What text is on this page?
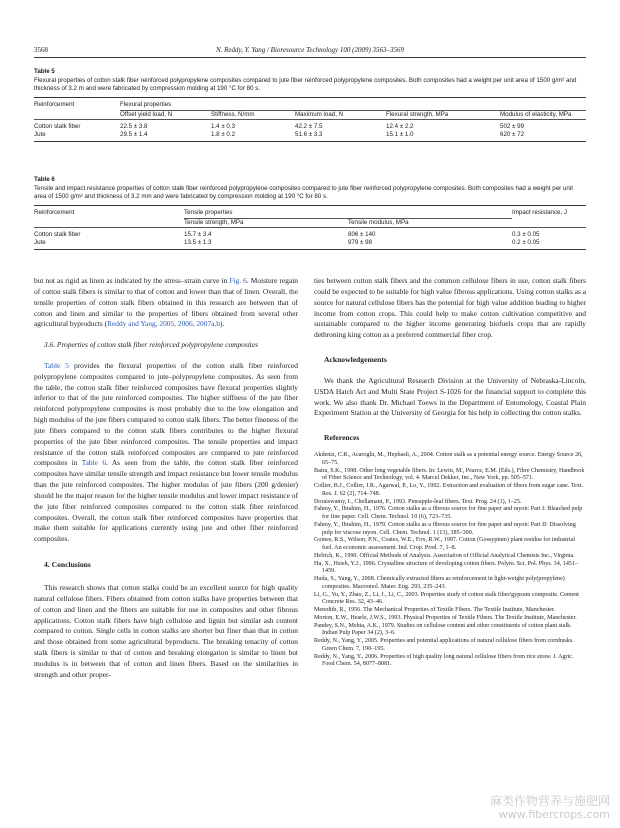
3568	N. Reddy, Y. Yang / Bioresource Technology 100 (2009) 3563–3569
Table 5
Flexural properties of cotton stalk fiber reinforced polypropylene composites compared to jute fiber reinforced polypropylene composites. Both composites had a weight per unit area of 1500 g/m² and thickness of 3.2 m and were fabricated by compression molding at 190 °C for 80 s.
Reinforcement	Flexural properties				

	Offset yield load, N	Stiffness, N/mm	Maximum load, N	Flexural strength, MPa	Modulus of elasticity, MPa

Cotton stalk fiber	22.5 ± 3.8	1.4 ± 0.3	42.2 ± 7.5	12.4 ± 2.2	502 ± 99
Jute	29.5 ± 1.4	1.8 ± 0.2	51.6 ± 3.3	15.1 ± 1.0	620 ± 72
Table 6
Tensile and impact resistance properties of cotton stalk fiber reinforced polypropylene composites compared to jute fiber reinforced polypropylene composites. Both composites had a weight per unit area of 1500 g/m² and thickness of 3.2 mm and were fabricated by compression molding at 190 °C for 80 s.
Reinforcement	Tensile properties		Impact resistance, J

	Tensile strength, MPa	Tensile modulus, MPa	

Cotton stalk fiber	15.7 ± 3.4	806 ± 140	0.3 ± 0.05
Jute	13.5 ± 1.3	979 ± 98	0.2 ± 0.05

but not as rigid as linen as indicated by the stress–strain curve in Fig. 6. Moisture regain of cotton stalk fibers is similar to that of cotton and lower than that of linen. Overall, the tensile properties of cotton stalk fibers obtained in this research are between that of cotton and linen and similar to the properties of fibers obtained from several other agricultural byproducts (Reddy and Yang, 2005, 2006, 2007a,b).

3.6. Properties of cotton stalk fiber reinforced polypropylene composites

Table 5 provides the flexural properties of the cotton stalk fiber reinforced polypropylene composites compared to jute–polypropylene composites. As seen from the table, the cotton stalk fiber reinforced composites have flexural properties slightly inferior to that of the jute reinforced composites. The higher stiffness of the jute fiber reinforced polypropylene composites is most probably due to the low elongation and high modulus of the jute fibers compared to cotton stalk fibers. The better fineness of the jute fibers compared to the cotton stalk fibers contributes to the higher flexural properties of the jute fiber reinforced composites. The tensile properties and impact resistance of the cotton stalk reinforced composites are compared to jute reinforced composites in Table 6. As seen from the table, the cotton stalk fiber reinforced composites have similar tensile strength and impact resistance but lower tensile modulus than the jute reinforced composites. The higher modulus of jute fibers (200 g/denier) should be the major reason for the higher tensile modulus and lower impact resistance of the jute fiber reinforced composites compared to the cotton stalk fiber reinforced composites. Overall, the cotton stalk fiber reinforced composites have properties that make them suitable for applications currently using jute and other fiber reinforced composites.

4. Conclusions

This research shows that cotton stalks could be an excellent source for high quality natural cellulose fibers. Fibers obtained from cotton stalks have properties between that of cotton and linen and the fibers are suitable for use in composites and other fibrous applications. Cotton stalk fibers have high cellulose and lignin but similar ash content compared to cotton. Single cells in cotton stalks are shorter but finer than that in cotton and those obtained from some agricultural byproducts. The breaking tenacity of cotton stalk fibers is similar to that of cotton and breaking elongation is similar to linen but modulus is in between that of cotton and linen fibers. Based on the similarities in strength and other proper-

ties between cotton stalk fibers and the common cellulose fibers in use, cotton stalk fibers could be expected to be suitable for high value fibrous applications. Using cotton stalks as a source for natural cellulose fibers has the potential for high value addition leading to higher income from cotton crops. This could help to make cotton cultivation competitive and sustainable compared to the higher income generating biofuels crops that are rapidly dethroning king cotton as a preferred commercial fiber crop.

Acknowledgements

We thank the Agricultural Research Division at the University of Nebraska-Lincoln, USDA Hatch Act and Multi State Project S-1026 for the financial support to complete this work. We also thank Dr. Michael Toews in the Department of Entomology, Coastal Plain Experiment Station at the University of Georgia for his help in collecting the cotton stalks.

References

Akdeniz, C.R., Acaroglu, M., Hepbasli, A., 2004. Cotton stalk as a potential energy source. Energy Source 26, 65–75.
Batra, S.K., 1998. Other long vegetable fibers. In: Lewin, M., Pearce, E.M. (Eds.), Fibre Chemistry, Handbook of Fiber Science and Technology, vol. 4. Marcel Dekker, Inc., New York, pp. 505–571.
Collier, B.J., Collier, J.R., Agarwal, P., Lo, Y., 1992. Extraction and evaluation of fibers from sugar cane. Text. Res. J. 62 (2), 714–748.
Doraiswamy, I., Chellamani, P., 1993. Pineapple-leaf fibers. Text. Prog. 24 (1), 1–25.
Fahmy, Y., Ibrahim, H., 1976. Cotton stalks as a fibrous source for fine paper and rayon: Part I: Bleached pulp for fine paper. Cell. Chem. Technol. 10 (6), 723–735.
Fahmy, Y., Ibrahim, H., 1979. Cotton stalks as a fibrous source for fine paper and rayon: Part II: Dissolving pulp for viscose rayon. Cell. Chem. Technol. 1 (13), 385–390.
Gomes, R.S., Wilson, P.N., Coates, W.E., Fox, R.W., 1997. Cotton (Gossypium) plant residue for industrial fuel. An economic assessment. Ind. Crop. Prod. 7, 1–8.
Helrich, K., 1990. Official Methods of Analysis. Association of Official Analytical Chemists Inc., Virginia.
Hu, X., Hsieh, Y.J., 1996. Crystalline structure of developing cotton fibers. Polym. Sci. Pol. Phys. 34, 1451–1459.
Huda, S., Yang, Y., 2008. Chemically extracted fibers as reinforcement in light-weight poly(propylene) composites. Macromol. Mater. Eng. 293, 235–243.
Li, G., Yu, Y., Zhao, Z., Li, J., Li, C., 2003. Properties study of cotton stalk fiber/gypsum composite. Cement Concrete Res. 32, 43–46.
Meredith, R., 1956. The Mechanical Properties of Textile Fibers. The Textile Institute, Manchester.
Morton, E.W., Hearle, J.W.S., 1993. Physical Properties of Textile Fibers. The Textile Institute, Manchester.
Pandey, S.N., Mehta, A.K., 1979. Studies on cellulose content and other constituents of cotton plant stalk. Indian Pulp Paper 34 (2), 3–6.
Reddy, N., Yang, Y., 2005. Properties and potential applications of natural cellulose fibers from cornhusks. Green Chem. 7, 190–195.
Reddy, N., Yang, Y., 2006. Properties of high quality long natural cellulose fibers from rice straw. J. Agric. Food Chem. 54, 8077–8081.
麻类作物营养与施肥网
www.fibercrops.com
